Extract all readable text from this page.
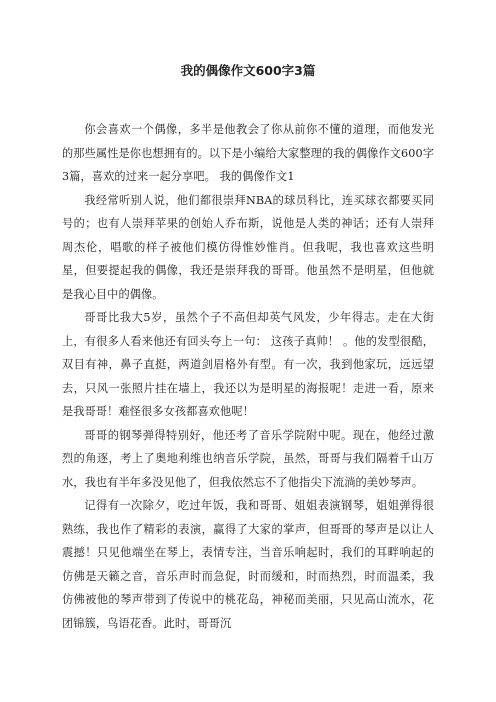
我的偶像作文600字3篇

你会喜欢一个偶像，多半是他教会了你从前你不懂的道理，而他发光的那些属性是你也想拥有的。以下是小编给大家整理的我的偶像作文600字3篇，喜欢的过来一起分享吧。 我的偶像作文1

我经常听别人说，他们都很崇拜NBA的球员科比，连买球衣都要买同号的；也有人崇拜苹果的创始人乔布斯，说他是人类的神话；还有人崇拜周杰伦，唱歌的样子被他们模仿得惟妙惟肖。但我呢，我也喜欢这些明星，但要提起我的偶像，我还是崇拜我的哥哥。他虽然不是明星，但他就是我心目中的偶像。

哥哥比我大5岁，虽然个子不高但却英气风发，少年得志。走在大街上，有很多人看来他还有回头夸上一句： 这孩子真帅！ 。他的发型很酷，双目有神，鼻子直挺，两道剑眉格外有型。有一次，我到他家玩，远远望去，只风一张照片挂在墙上，我还以为是明星的海报呢！走进一看，原来是我哥哥！难怪很多女孩都喜欢他呢！

哥哥的钢琴弹得特别好，他还考了音乐学院附中呢。现在，他经过激烈的角逐，考上了奥地利维也纳音乐学院，虽然，哥哥与我们隔着千山万水，我也有半年多没见他了，但我依然忘不了他指尖下流淌的美妙琴声。

记得有一次除夕，吃过年饭，我和哥哥、姐姐表演钢琴，姐姐弹得很熟练，我也作了精彩的表演，赢得了大家的掌声，但哥哥的琴声是以让人震撼！只见他端坐在琴上，表情专注，当音乐响起时，我们的耳畔响起的仿佛是天籁之音，音乐声时而急促，时而缓和，时而热烈，时而温柔，我仿佛被他的琴声带到了传说中的桃花岛，神秘而美丽，只见高山流水，花团锦簇，鸟语花香。此时，哥哥沉
